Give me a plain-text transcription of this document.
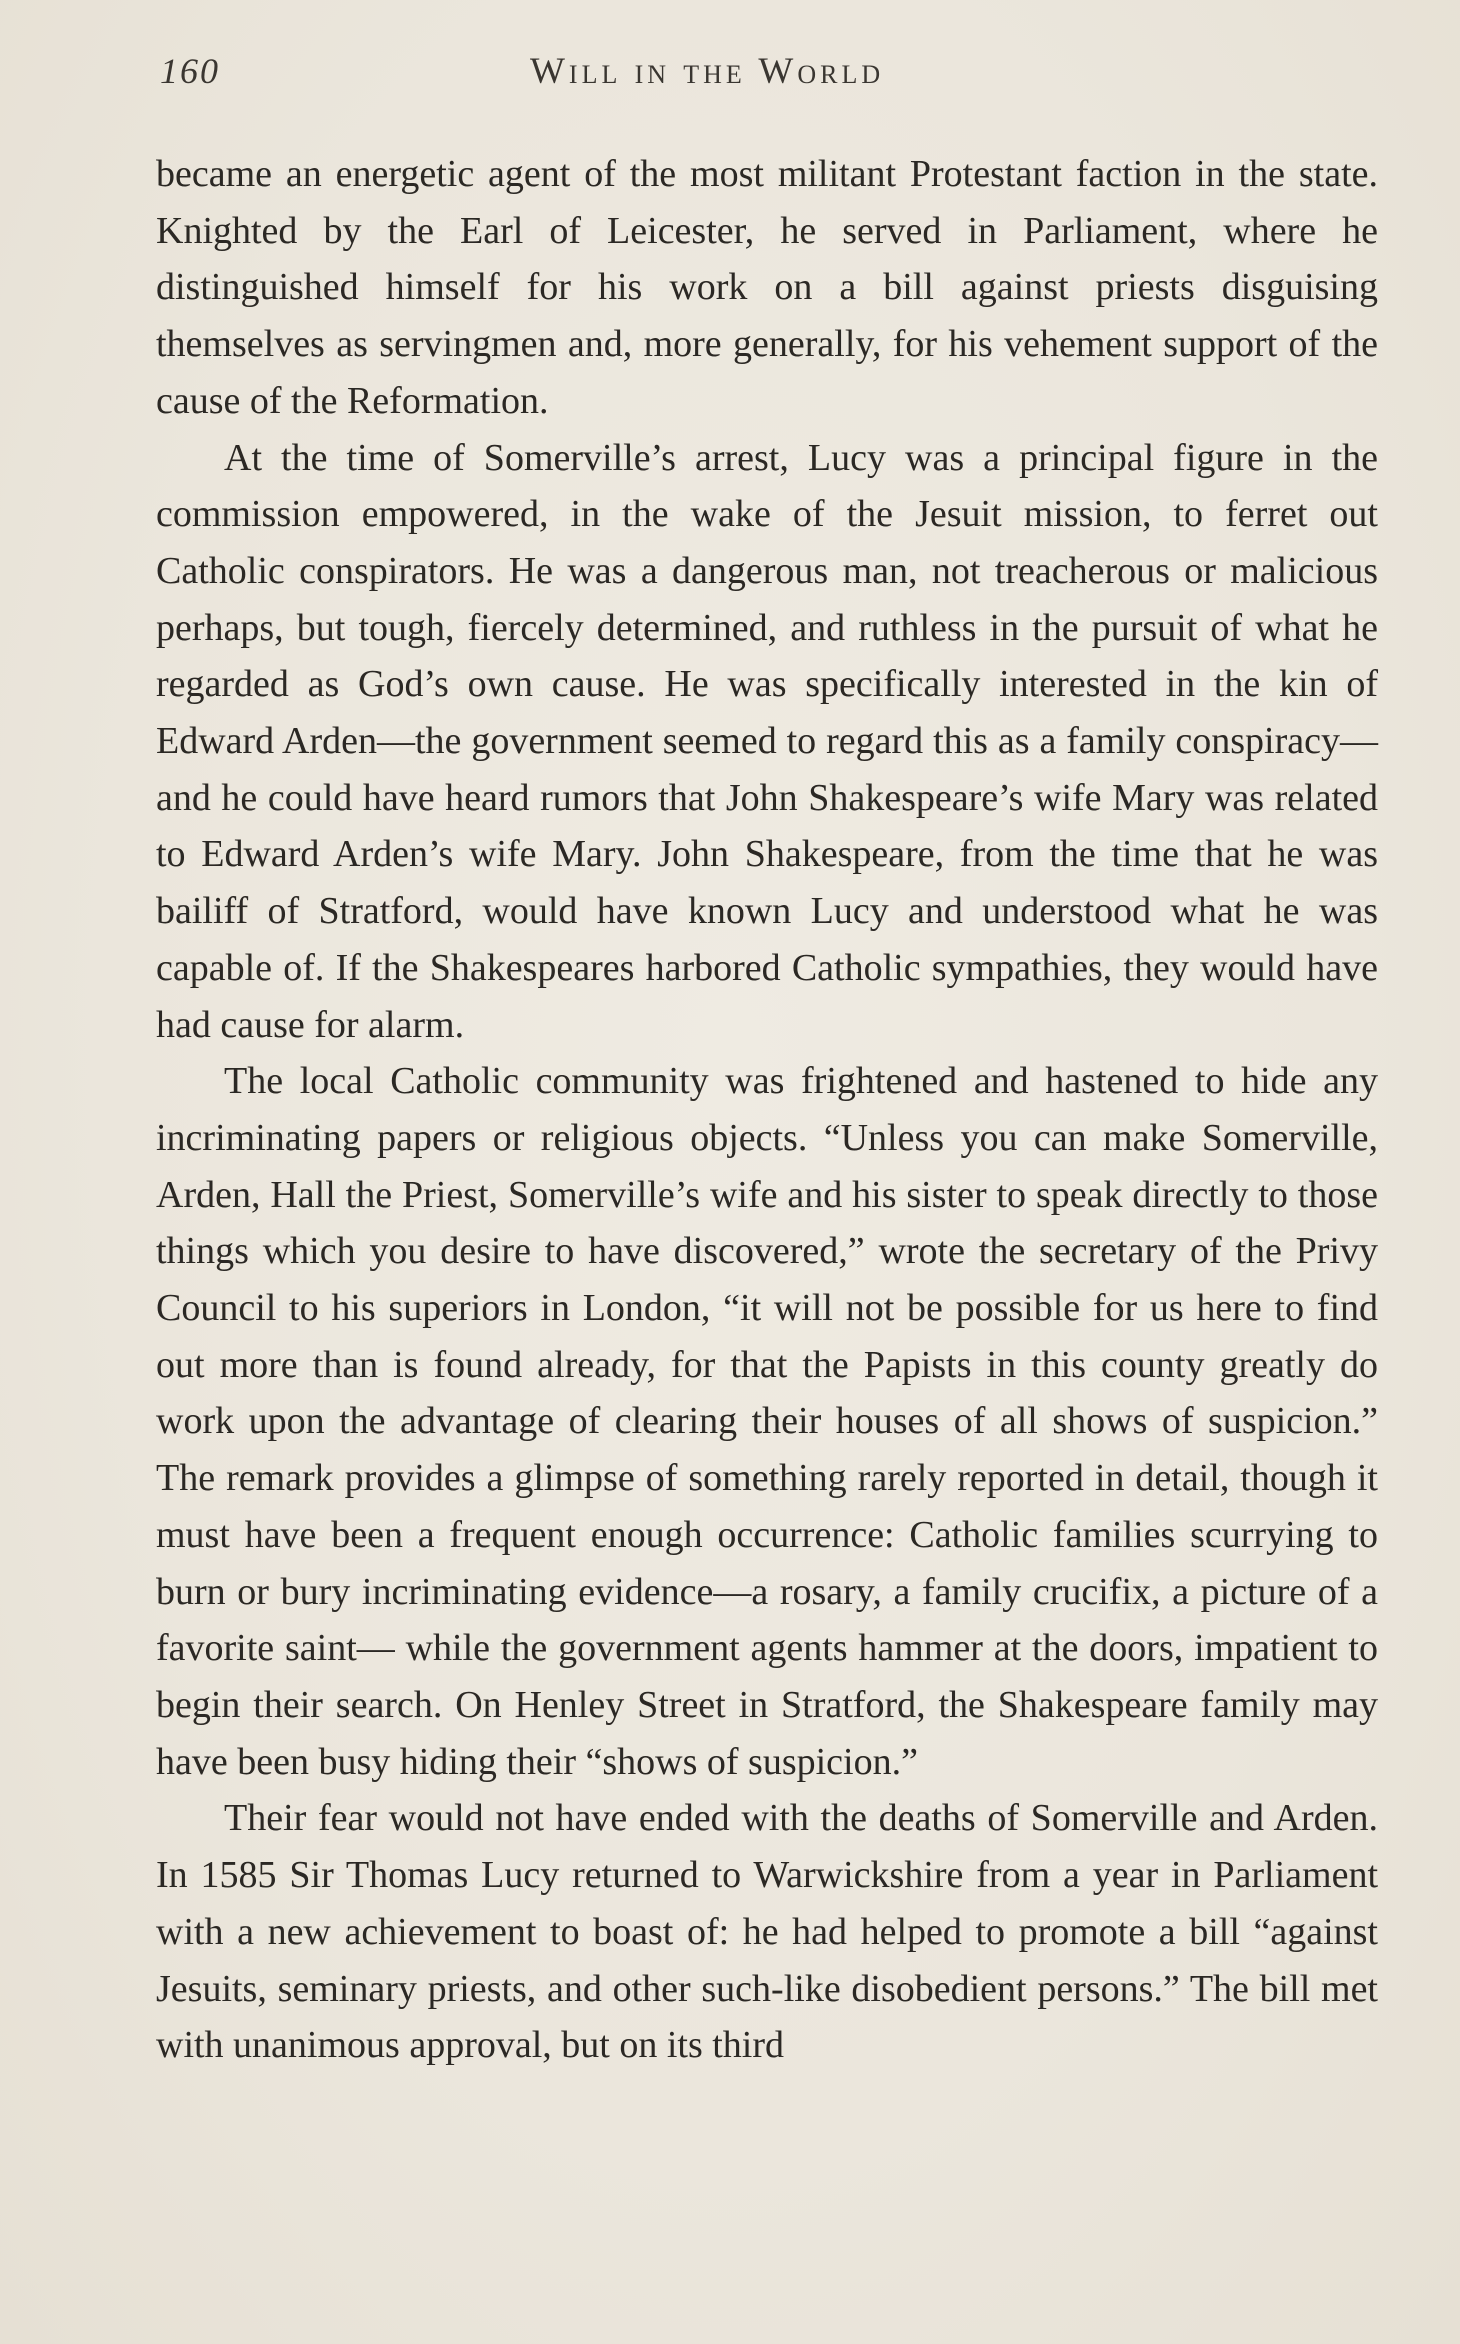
160	Will in the World

became an energetic agent of the most militant Protestant faction in the state. Knighted by the Earl of Leicester, he served in Parliament, where he distinguished himself for his work on a bill against priests disguising themselves as servingmen and, more generally, for his vehement support of the cause of the Reformation.

At the time of Somerville’s arrest, Lucy was a principal figure in the commission empowered, in the wake of the Jesuit mission, to ferret out Catholic conspirators. He was a dangerous man, not treacherous or malicious perhaps, but tough, fiercely determined, and ruthless in the pursuit of what he regarded as God’s own cause. He was specifically interested in the kin of Edward Arden—the government seemed to regard this as a family conspiracy—and he could have heard rumors that John Shakespeare’s wife Mary was related to Edward Arden’s wife Mary. John Shakespeare, from the time that he was bailiff of Stratford, would have known Lucy and understood what he was capable of. If the Shakespeares harbored Catholic sympathies, they would have had cause for alarm.

The local Catholic community was frightened and hastened to hide any incriminating papers or religious objects. “Unless you can make Somerville, Arden, Hall the Priest, Somerville’s wife and his sister to speak directly to those things which you desire to have discovered,” wrote the secretary of the Privy Council to his superiors in London, “it will not be possible for us here to find out more than is found already, for that the Papists in this county greatly do work upon the advantage of clearing their houses of all shows of suspicion.” The remark provides a glimpse of something rarely reported in detail, though it must have been a frequent enough occurrence: Catholic families scurrying to burn or bury incriminating evidence—a rosary, a family crucifix, a picture of a favorite saint— while the government agents hammer at the doors, impatient to begin their search. On Henley Street in Stratford, the Shakespeare family may have been busy hiding their “shows of suspicion.”

Their fear would not have ended with the deaths of Somerville and Arden. In 1585 Sir Thomas Lucy returned to Warwickshire from a year in Parliament with a new achievement to boast of: he had helped to promote a bill “against Jesuits, seminary priests, and other such-like disobedient persons.” The bill met with unanimous approval, but on its third
